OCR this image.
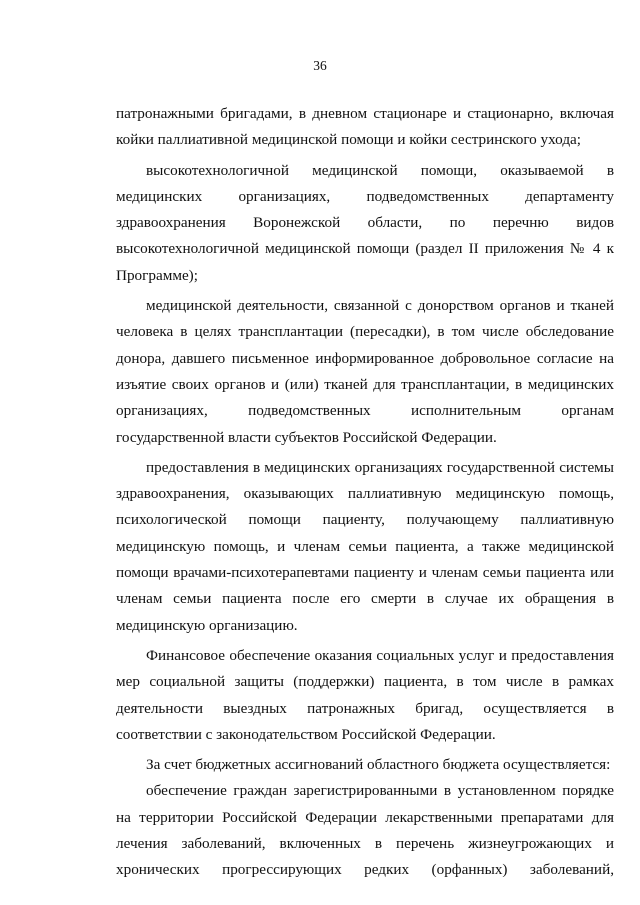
36

патронажными бригадами, в дневном стационаре и стационарно, включая койки паллиативной медицинской помощи и койки сестринского ухода;

высокотехнологичной медицинской помощи, оказываемой в медицинских организациях, подведомственных департаменту здравоохранения Воронежской области, по перечню видов высокотехнологичной медицинской помощи (раздел II приложения № 4 к Программе);

медицинской деятельности, связанной с донорством органов и тканей человека в целях трансплантации (пересадки), в том числе обследование донора, давшего письменное информированное добровольное согласие на изъятие своих органов и (или) тканей для трансплантации, в медицинских организациях, подведомственных исполнительным органам государственной власти субъектов Российской Федерации.

предоставления в медицинских организациях государственной системы здравоохранения, оказывающих паллиативную медицинскую помощь, психологической помощи пациенту, получающему паллиативную медицинскую помощь, и членам семьи пациента, а также медицинской помощи врачами-психотерапевтами пациенту и членам семьи пациента или членам семьи пациента после его смерти в случае их обращения в медицинскую организацию.

Финансовое обеспечение оказания социальных услуг и предоставления мер социальной защиты (поддержки) пациента, в том числе в рамках деятельности выездных патронажных бригад, осуществляется в соответствии с законодательством Российской Федерации.

За счет бюджетных ассигнований областного бюджета осуществляется:

обеспечение граждан зарегистрированными в установленном порядке на территории Российской Федерации лекарственными препаратами для лечения заболеваний, включенных в перечень жизнеугрожающих и хронических прогрессирующих редких (орфанных) заболеваний,
